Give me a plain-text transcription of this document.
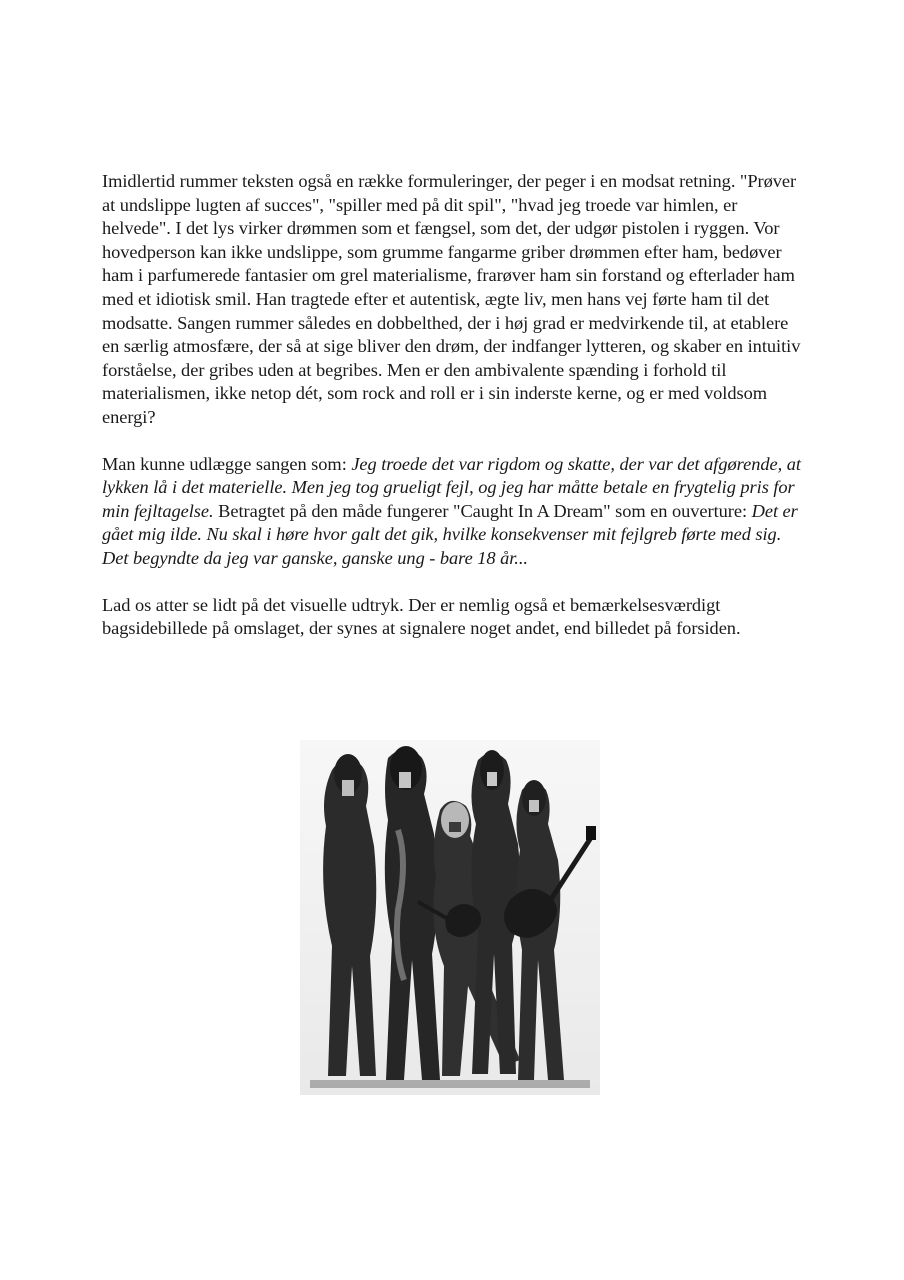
Imidlertid rummer teksten også en række formuleringer, der peger i en modsat retning. "Prøver at undslippe lugten af succes", "spiller med på dit spil", "hvad jeg troede var himlen, er helvede". I det lys virker drømmen som et fængsel, som det, der udgør pistolen i ryggen. Vor hovedperson kan ikke undslippe, som grumme fangarme griber drømmen efter ham, bedøver ham i parfumerede fantasier om grel materialisme, frarøver ham sin forstand og efterlader ham med et idiotisk smil. Han tragtede efter et autentisk, ægte liv, men hans vej førte ham til det modsatte. Sangen rummer således en dobbelthed, der i høj grad er medvirkende til, at etablere en særlig atmosfære, der så at sige bliver den drøm, der indfanger lytteren, og skaber en intuitiv forståelse, der gribes uden at begribes. Men er den ambivalente spænding i forhold til materialismen, ikke netop dét, som rock and roll er i sin inderste kerne, og er med voldsom energi?

Man kunne udlægge sangen som: Jeg troede det var rigdom og skatte, der var det afgørende, at lykken lå i det materielle. Men jeg tog grueligt fejl, og jeg har måtte betale en frygtelig pris for min fejltagelse. Betragtet på den måde fungerer "Caught In A Dream" som en ouverture: Det er gået mig ilde. Nu skal i høre hvor galt det gik, hvilke konsekvenser mit fejlgreb førte med sig. Det begyndte da jeg var ganske, ganske ung - bare 18 år...

Lad os atter se lidt på det visuelle udtryk. Der er nemlig også et bemærkelsesværdigt bagsidebillede på omslaget, der synes at signalere noget andet, end billedet på forsiden.
